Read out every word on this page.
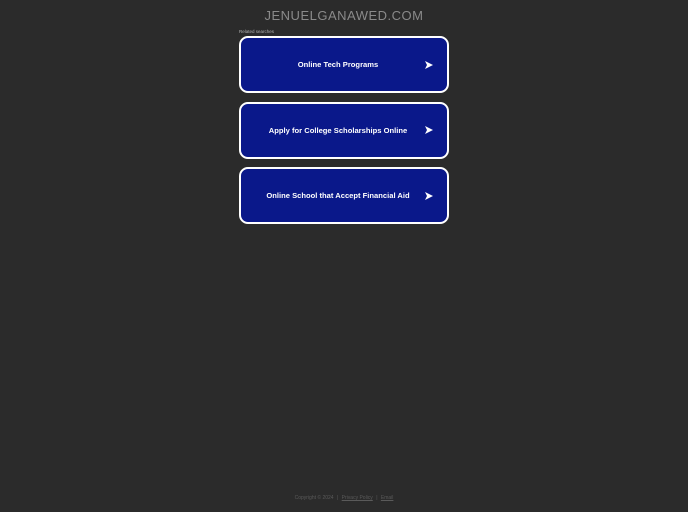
JENUELGANAWED.COM
Related searches
Online Tech Programs
Apply for College Scholarships Online
Online School that Accept Financial Aid
Copyright © 2024 | Privacy Policy | Email
